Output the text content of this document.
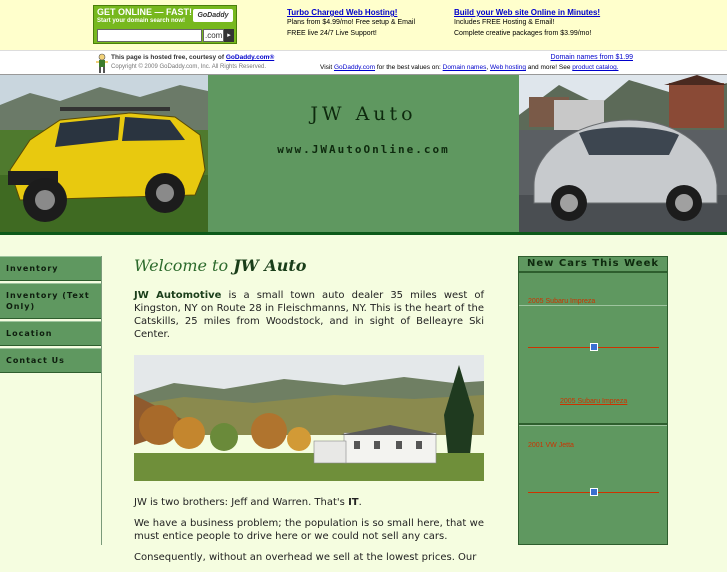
GET ONLINE — FAST!
Start your domain search now!
GoDaddy
.com ▸
Turbo Charged Web Hosting!
Plans from $4.99/mo! Free setup & Email
FREE live 24/7 Live Support!
Build your Web site Online in Minutes!
Includes FREE Hosting & Email!
Complete creative packages from $3.99/mo!
This page is hosted free, courtesy of GoDaddy.com®
Copyright © 2009 GoDaddy.com, Inc. All Rights Reserved.
Domain names from $1.99
Visit GoDaddy.com for the best values on: Domain names, Web hosting and more! See product catalog.
JW Auto
www.JWAutoOnline.com
Inventory
Inventory (Text Only)
Location
Contact Us
Welcome to JW Auto

JW Automotive is a small town auto dealer 35 miles west of Kingston, NY on Route 28 in Fleischmanns, NY. This is the heart of the Catskills, 25 miles from Woodstock, and in sight of Belleayre Ski Center.

JW is two brothers: Jeff and Warren. That's IT.

We have a business problem; the population is so small here, that we must entice people to drive here or we could not sell any cars.

Consequently, without an overhead we sell at the lowest prices. Our

New Cars This Week
2005 Subaru Impreza
2005 Subaru Impreza
2001 VW Jetta
